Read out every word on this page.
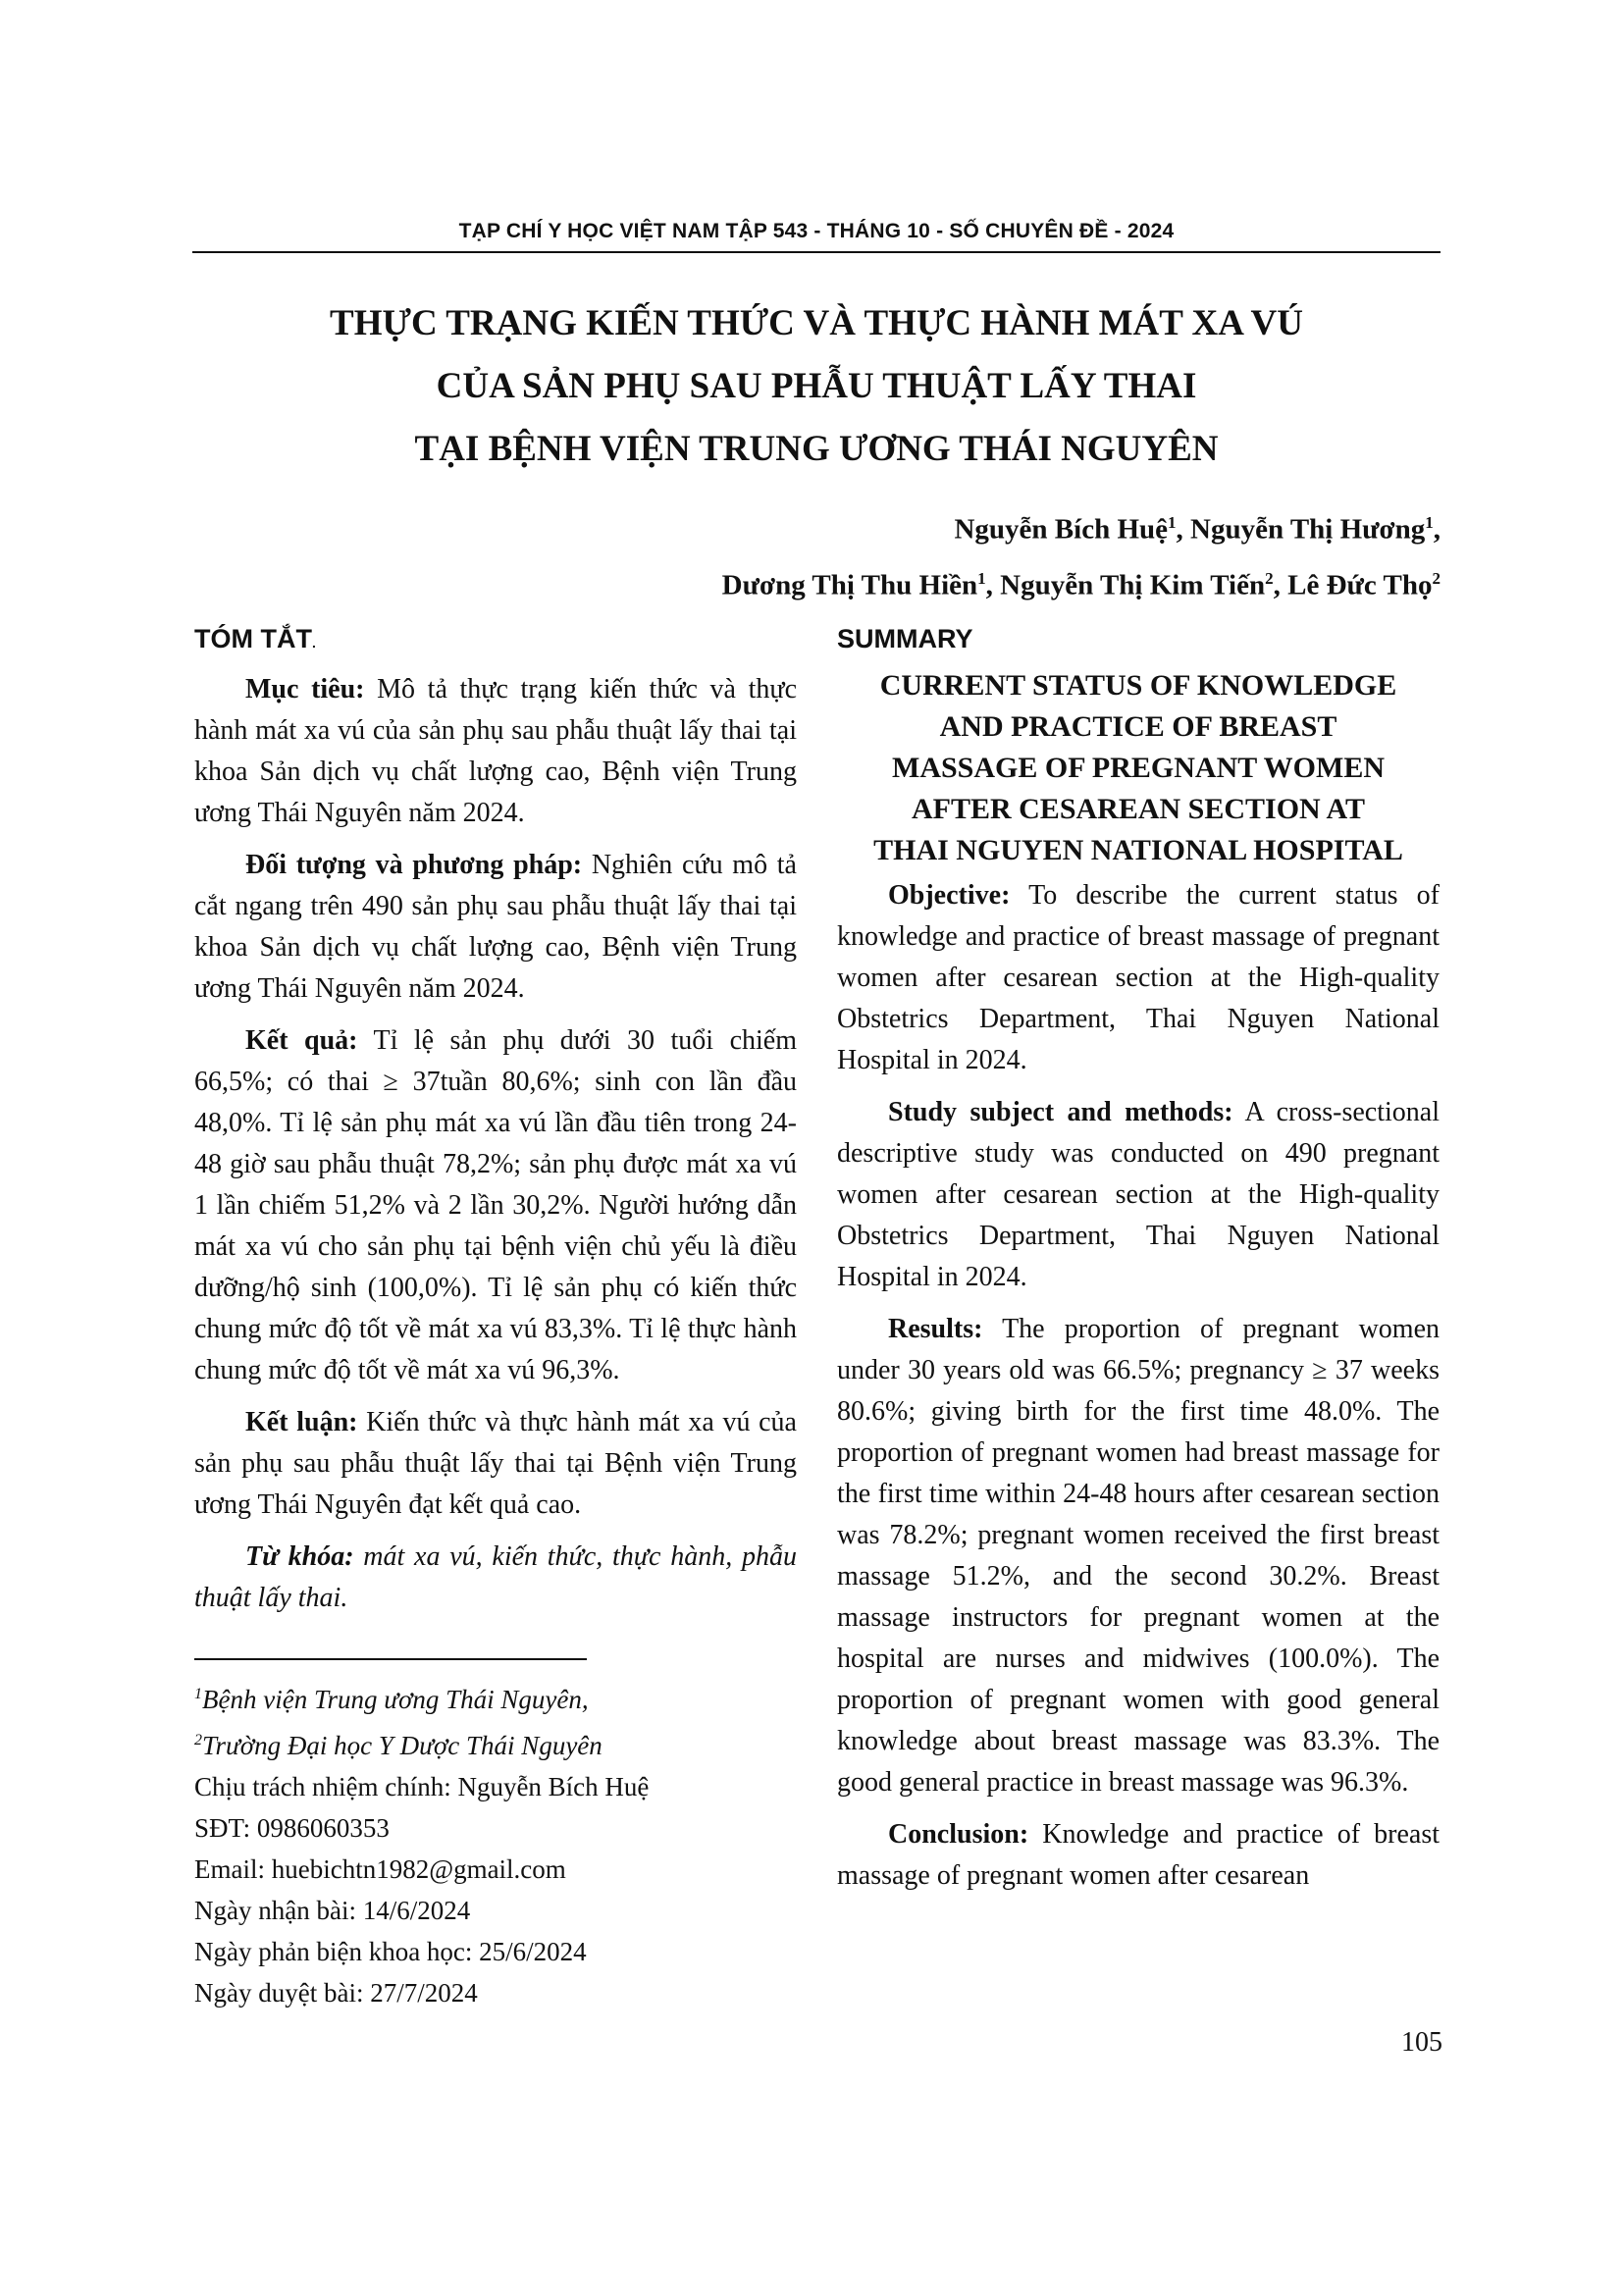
TẠP CHÍ Y HỌC VIỆT NAM TẬP 543 - THÁNG 10 - SỐ CHUYÊN ĐỀ - 2024
THỰC TRẠNG KIẾN THỨC VÀ THỰC HÀNH MÁT XA VÚ
CỦA SẢN PHỤ SAU PHẪU THUẬT LẤY THAI
TẠI BỆNH VIỆN TRUNG ƯƠNG THÁI NGUYÊN
Nguyễn Bích Huệ$^1$, Nguyễn Thị Hương$^1$,
Dương Thị Thu Hiền$^1$, Nguyễn Thị Kim Tiến$^2$, Lê Đức Thọ$^2$
TÓM TẮT.

Mục tiêu: Mô tả thực trạng kiến thức và thực hành mát xa vú của sản phụ sau phẫu thuật lấy thai tại khoa Sản dịch vụ chất lượng cao, Bệnh viện Trung ương Thái Nguyên năm 2024.

Đối tượng và phương pháp: Nghiên cứu mô tả cắt ngang trên 490 sản phụ sau phẫu thuật lấy thai tại khoa Sản dịch vụ chất lượng cao, Bệnh viện Trung ương Thái Nguyên năm 2024.

Kết quả: Tỉ lệ sản phụ dưới 30 tuổi chiếm 66,5%; có thai ≥ 37tuần 80,6%; sinh con lần đầu 48,0%. Tỉ lệ sản phụ mát xa vú lần đầu tiên trong 24-48 giờ sau phẫu thuật 78,2%; sản phụ được mát xa vú 1 lần chiếm 51,2% và 2 lần 30,2%. Người hướng dẫn mát xa vú cho sản phụ tại bệnh viện chủ yếu là điều dưỡng/hộ sinh (100,0%). Tỉ lệ sản phụ có kiến thức chung mức độ tốt về mát xa vú 83,3%. Tỉ lệ thực hành chung mức độ tốt về mát xa vú 96,3%.

Kết luận: Kiến thức và thực hành mát xa vú của sản phụ sau phẫu thuật lấy thai tại Bệnh viện Trung ương Thái Nguyên đạt kết quả cao.

Từ khóa: mát xa vú, kiến thức, thực hành, phẫu thuật lấy thai.

$^1$Bệnh viện Trung ương Thái Nguyên,
$^2$Trường Đại học Y Dược Thái Nguyên
Chịu trách nhiệm chính: Nguyễn Bích Huệ
SĐT: 0986060353
Email: huebichtn1982@gmail.com
Ngày nhận bài: 14/6/2024
Ngày phản biện khoa học: 25/6/2024
Ngày duyệt bài: 27/7/2024
SUMMARY
CURRENT STATUS OF KNOWLEDGE
AND PRACTICE OF BREAST
MASSAGE OF PREGNANT WOMEN
AFTER CESAREAN SECTION AT
THAI NGUYEN NATIONAL HOSPITAL

Objective: To describe the current status of knowledge and practice of breast massage of pregnant women after cesarean section at the High-quality Obstetrics Department, Thai Nguyen National Hospital in 2024.

Study subject and methods: A cross-sectional descriptive study was conducted on 490 pregnant women after cesarean section at the High-quality Obstetrics Department, Thai Nguyen National Hospital in 2024.

Results: The proportion of pregnant women under 30 years old was 66.5%; pregnancy ≥ 37 weeks 80.6%; giving birth for the first time 48.0%. The proportion of pregnant women had breast massage for the first time within 24-48 hours after cesarean section was 78.2%; pregnant women received the first breast massage 51.2%, and the second 30.2%. Breast massage instructors for pregnant women at the hospital are nurses and midwives (100.0%). The proportion of pregnant women with good general knowledge about breast massage was 83.3%. The good general practice in breast massage was 96.3%.

Conclusion: Knowledge and practice of breast massage of pregnant women after cesarean

105
